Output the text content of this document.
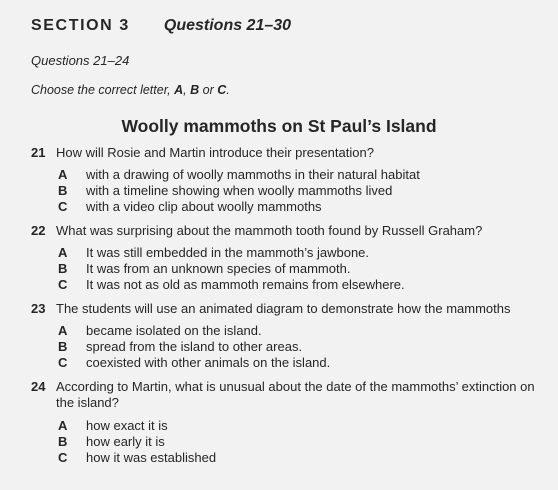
SECTION 3 Questions 21–30
Questions 21–24
Choose the correct letter, A, B or C.
Woolly mammoths on St Paul’s Island
21 How will Rosie and Martin introduce their presentation?
A with a drawing of woolly mammoths in their natural habitat
B with a timeline showing when woolly mammoths lived
C with a video clip about woolly mammoths
22 What was surprising about the mammoth tooth found by Russell Graham?
A It was still embedded in the mammoth’s jawbone.
B It was from an unknown species of mammoth.
C It was not as old as mammoth remains from elsewhere.
23 The students will use an animated diagram to demonstrate how the mammoths
A became isolated on the island.
B spread from the island to other areas.
C coexisted with other animals on the island.
24 According to Martin, what is unusual about the date of the mammoths’ extinction on the island?
A how exact it is
B how early it is
C how it was established
